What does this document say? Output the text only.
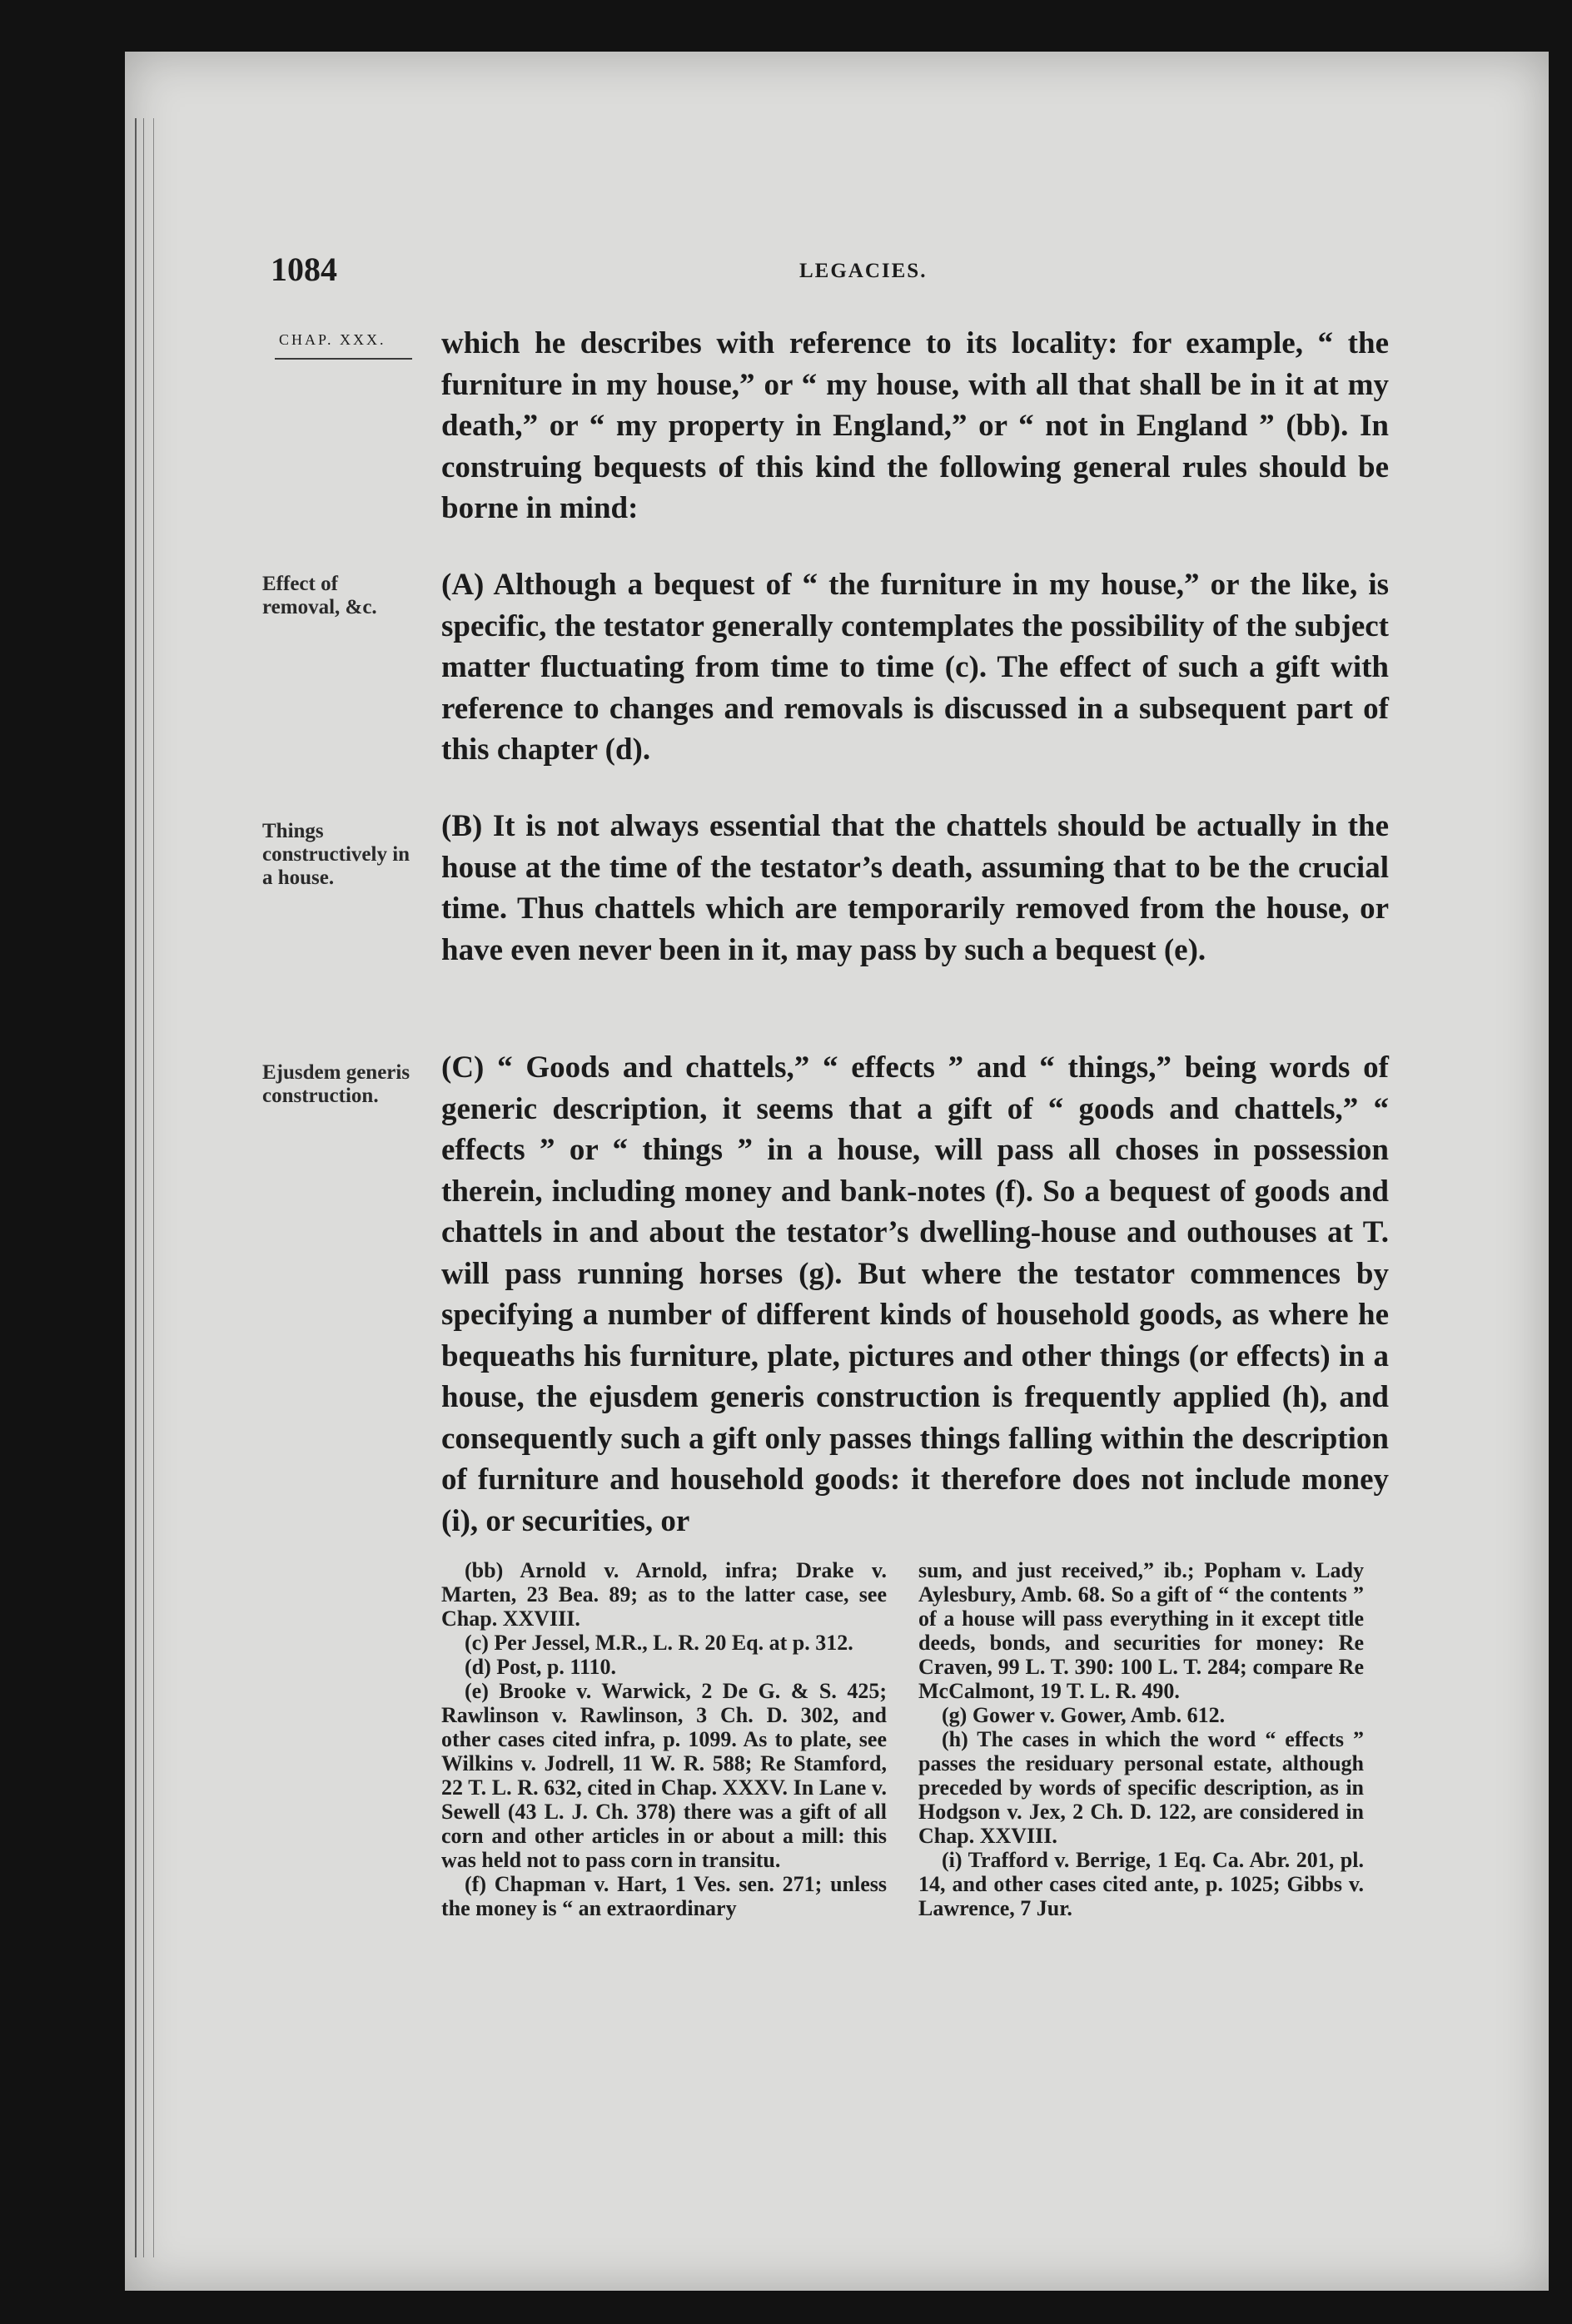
1084	LEGACIES.
CHAP. XXX.
Effect of removal, &c.
Things constructively in a house.
Ejusdem generis construction.

which he describes with reference to its locality: for example, “ the furniture in my house,” or “ my house, with all that shall be in it at my death,” or “ my property in England,” or “ not in England ” (bb). In construing bequests of this kind the following general rules should be borne in mind:

(A) Although a bequest of “ the furniture in my house,” or the like, is specific, the testator generally contemplates the possibility of the subject matter fluctuating from time to time (c). The effect of such a gift with reference to changes and removals is discussed in a subsequent part of this chapter (d).

(B) It is not always essential that the chattels should be actually in the house at the time of the testator’s death, assuming that to be the crucial time. Thus chattels which are temporarily removed from the house, or have even never been in it, may pass by such a bequest (e).

(C) “ Goods and chattels,” “ effects ” and “ things,” being words of generic description, it seems that a gift of “ goods and chattels,” “ effects ” or “ things ” in a house, will pass all choses in possession therein, including money and bank-notes (f). So a bequest of goods and chattels in and about the testator’s dwelling-house and outhouses at T. will pass running horses (g). But where the testator commences by specifying a number of different kinds of household goods, as where he bequeaths his furniture, plate, pictures and other things (or effects) in a house, the ejusdem generis construction is frequently applied (h), and consequently such a gift only passes things falling within the description of furniture and household goods: it therefore does not include money (i), or securities, or

(bb) Arnold v. Arnold, infra; Drake v. Marten, 23 Bea. 89; as to the latter case, see Chap. XXVIII.

(c) Per Jessel, M.R., L. R. 20 Eq. at p. 312.

(d) Post, p. 1110.

(e) Brooke v. Warwick, 2 De G. & S. 425; Rawlinson v. Rawlinson, 3 Ch. D. 302, and other cases cited infra, p. 1099. As to plate, see Wilkins v. Jodrell, 11 W. R. 588; Re Stamford, 22 T. L. R. 632, cited in Chap. XXXV. In Lane v. Sewell (43 L. J. Ch. 378) there was a gift of all corn and other articles in or about a mill: this was held not to pass corn in transitu.

(f) Chapman v. Hart, 1 Ves. sen. 271; unless the money is “ an extraordinary

sum, and just received,” ib.; Popham v. Lady Aylesbury, Amb. 68. So a gift of “ the contents ” of a house will pass everything in it except title deeds, bonds, and securities for money: Re Craven, 99 L. T. 390: 100 L. T. 284; compare Re McCalmont, 19 T. L. R. 490.

(g) Gower v. Gower, Amb. 612.

(h) The cases in which the word “ effects ” passes the residuary personal estate, although preceded by words of specific description, as in Hodgson v. Jex, 2 Ch. D. 122, are considered in Chap. XXVIII.

(i) Trafford v. Berrige, 1 Eq. Ca. Abr. 201, pl. 14, and other cases cited ante, p. 1025; Gibbs v. Lawrence, 7 Jur.
